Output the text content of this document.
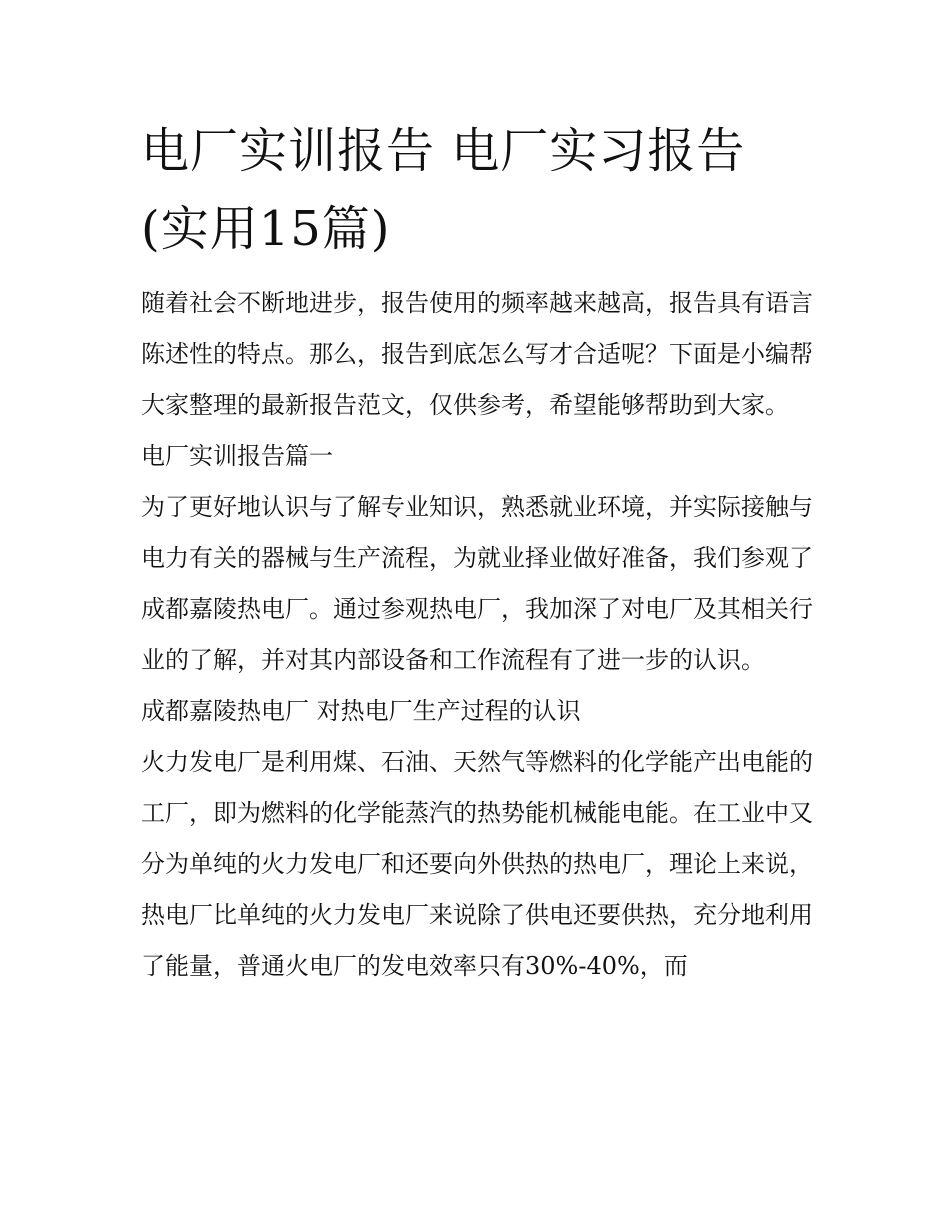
电厂实训报告 电厂实习报告
(实用15篇)

随着社会不断地进步，报告使用的频率越来越高，报告具有语言陈述性的特点。那么，报告到底怎么写才合适呢？下面是小编帮大家整理的最新报告范文，仅供参考，希望能够帮助到大家。

电厂实训报告篇一

为了更好地认识与了解专业知识，熟悉就业环境，并实际接触与电力有关的器械与生产流程，为就业择业做好准备，我们参观了成都嘉陵热电厂。通过参观热电厂，我加深了对电厂及其相关行业的了解，并对其内部设备和工作流程有了进一步的认识。

成都嘉陵热电厂 对热电厂生产过程的认识

火力发电厂是利用煤、石油、天然气等燃料的化学能产出电能的工厂，即为燃料的化学能蒸汽的热势能机械能电能。在工业中又分为单纯的火力发电厂和还要向外供热的热电厂，理论上来说，热电厂比单纯的火力发电厂来说除了供电还要供热，充分地利用了能量，普通火电厂的发电效率只有30%-40%，而
